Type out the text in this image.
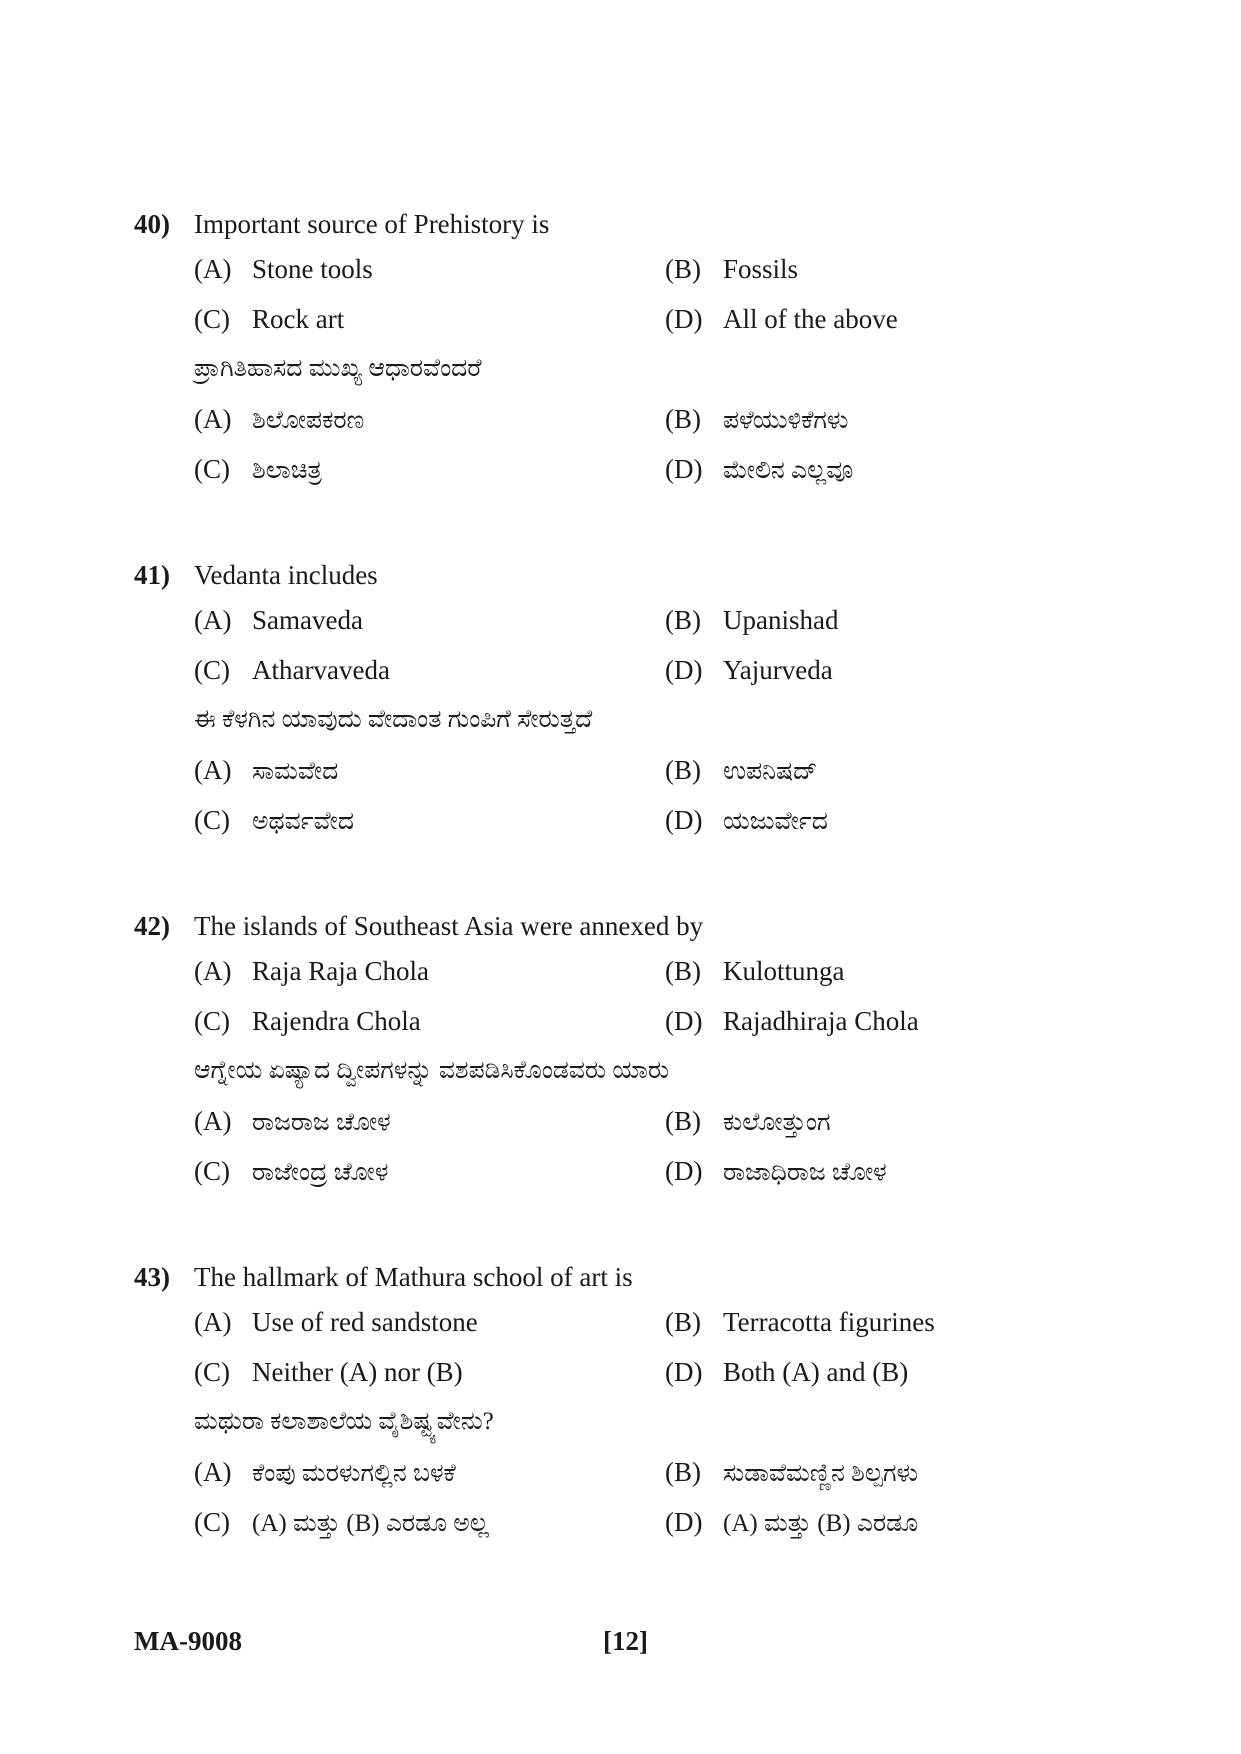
40) Important source of Prehistory is
(A) Stone tools	(B) Fossils
(C) Rock art	(D) All of the above
ಪ್ರಾಗಿತಿಹಾಸದ ಮುಖ್ಯ ಆಧಾರವೆಂದರೆ
(A) ಶಿಲೋಪಕರಣ	(B) ಪಳೆಯುಳಿಕೆಗಳು
(C) ಶಿಲಾಚಿತ್ರ	(D) ಮೇಲಿನ ಎಲ್ಲವೂ
41) Vedanta includes
(A) Samaveda	(B) Upanishad
(C) Atharvaveda	(D) Yajurveda
ಈ ಕೆಳಗಿನ ಯಾವುದು ವೇದಾಂತ ಗುಂಪಿಗೆ ಸೇರುತ್ತದೆ
(A) ಸಾಮವೇದ	(B) ಉಪನಿಷದ್
(C) ಅಥರ್ವವೇದ	(D) ಯಜುರ್ವೇದ
42) The islands of Southeast Asia were annexed by
(A) Raja Raja Chola	(B) Kulottunga
(C) Rajendra Chola	(D) Rajadhiraja Chola
ಆಗ್ನೇಯ ಏಷ್ಯಾದ ದ್ವೀಪಗಳನ್ನು ವಶಪಡಿಸಿಕೊಂಡವರು ಯಾರು
(A) ರಾಜರಾಜ ಚೋಳ	(B) ಕುಲೋತ್ತುಂಗ
(C) ರಾಜೇಂದ್ರ ಚೋಳ	(D) ರಾಜಾಧಿರಾಜ ಚೋಳ
43) The hallmark of Mathura school of art is
(A) Use of red sandstone	(B) Terracotta figurines
(C) Neither (A) nor (B)	(D) Both (A) and (B)
ಮಥುರಾ ಕಲಾಶಾಲೆಯ ವೈಶಿಷ್ಟ್ಯವೇನು?
(A) ಕೆಂಪು ಮರಳುಗಲ್ಲಿನ ಬಳಕೆ	(B) ಸುಡಾವೆಮಣ್ಣಿನ ಶಿಲ್ಪಗಳು
(C) (A) ಮತ್ತು (B) ಎರಡೂ ಅಲ್ಲ	(D) (A) ಮತ್ತು (B) ಎರಡೂ
MA-9008	[12]
